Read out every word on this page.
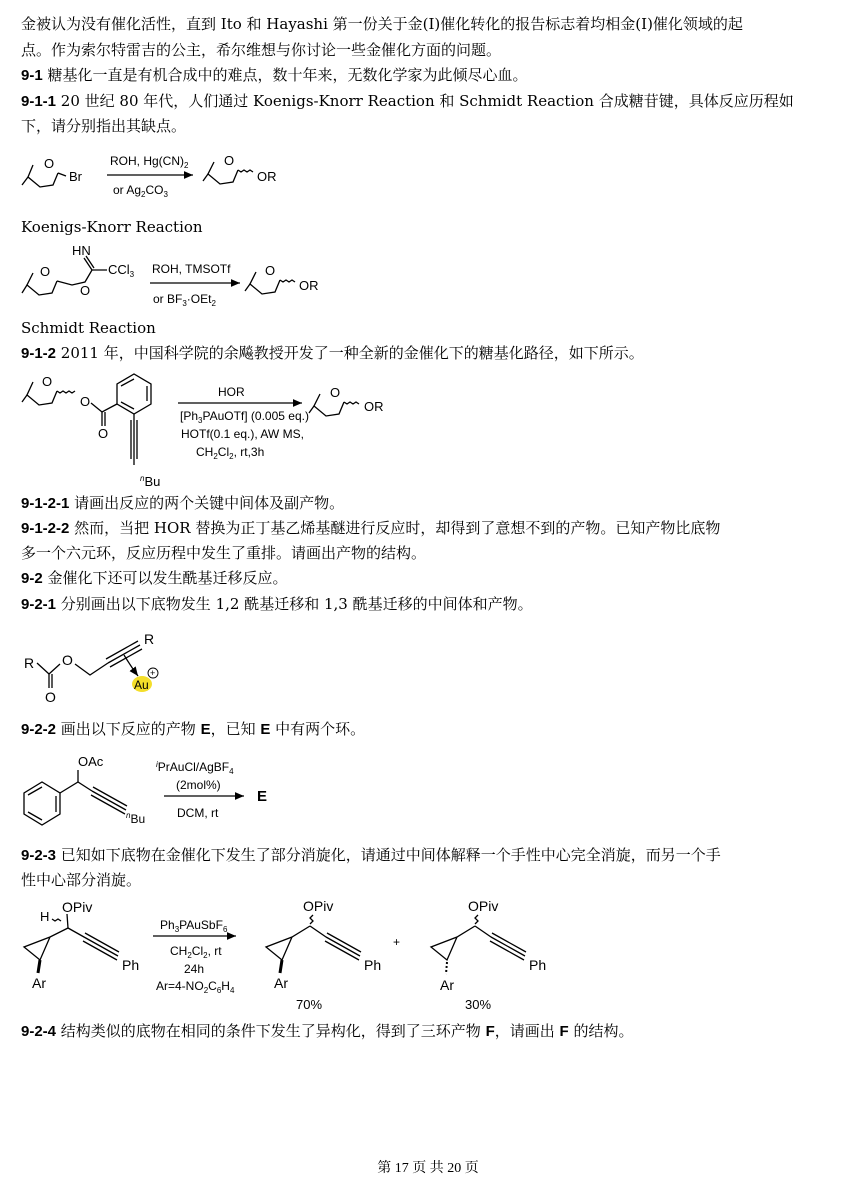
金被认为没有催化活性，直到 Ito 和 Hayashi 第一份关于金(I)催化转化的报告标志着均相金(I)催化领域的起
点。作为索尔特雷吉的公主，希尔维想与你讨论一些金催化方面的问题。
9-1 糖基化一直是有机合成中的难点，数十年来，无数化学家为此倾尽心血。
9-1-1 20 世纪 80 年代，人们通过 Koenigs-Knorr Reaction 和 Schmidt Reaction 合成糖苷键，具体反应历程如
下，请分别指出其缺点。
Koenigs-Knorr Reaction
Schmidt Reaction
9-1-2 2011 年，中国科学院的余飚教授开发了一种全新的金催化下的糖基化路径，如下所示。
9-1-2-1 请画出反应的两个关键中间体及副产物。
9-1-2-2 然而，当把 HOR 替换为正丁基乙烯基醚进行反应时，却得到了意想不到的产物。已知产物比底物
多一个六元环，反应历程中发生了重排。请画出产物的结构。
9-2 金催化下还可以发生酰基迁移反应。
9-2-1 分别画出以下底物发生 1,2 酰基迁移和 1,3 酰基迁移的中间体和产物。
9-2-2 画出以下反应的产物 E，已知 E 中有两个环。
9-2-3 已知如下底物在金催化下发生了部分消旋化，请通过中间体解释一个手性中心完全消旋，而另一个手
性中心部分消旋。
9-2-4 结构类似的底物在相同的条件下发生了异构化，得到了三环产物 F，请画出 F 的结构。
O
Br
ROH, $Hg(CN)_2$
or $Ag_2CO_3$
O
OR
O
O
HN
CCl$_3$ ROH, TMSOTf
or $BF_3\cdot OEt_2$
O
OR
O
O
O
$^n$Bu
HOR
$[Ph_3PAuOTf]$ (0.005 eq.)
HOTf(0.1 eq.), AW MS,
$CH_2Cl_2$, rt,3h
O
OR
R
O
O
R
Au
+
OAc
$^n$Bu
$^i$PrAuCl/AgBF$_4$
(2mol%)
DCM, rt
E
H
OPiv
Ar
Ph
$Ph_3PAuSbF_6$
$CH_2Cl_2$, rt
24h
$Ar=4-NO_2C_6H_4$
OPiv
Ar
Ph
70%
+
OPiv
Ar
Ph
30%
第 17 页 共 20 页
